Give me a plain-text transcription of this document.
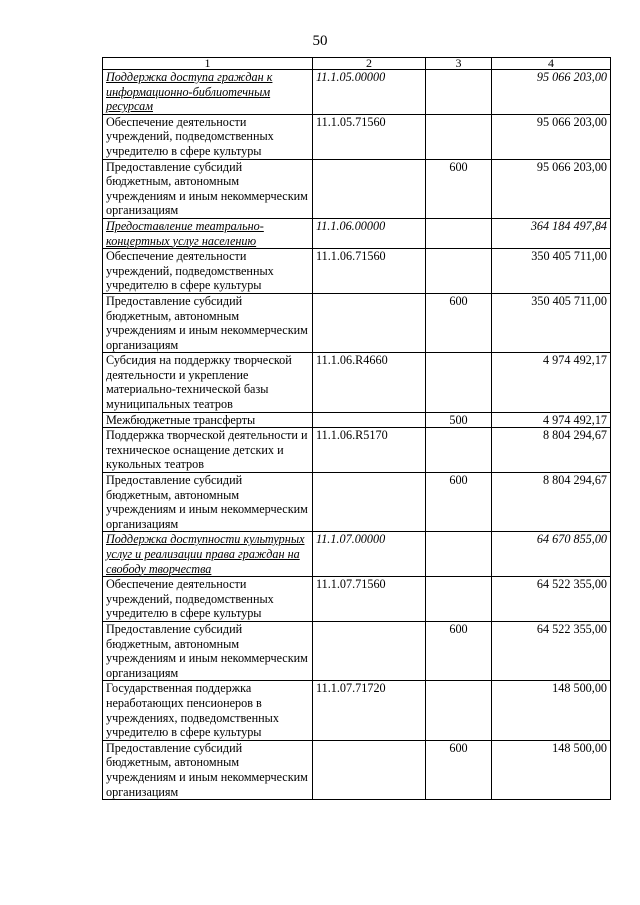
50
1	2	3	4
Поддержка доступа граждан к информационно-библиотечным ресурсам	11.1.05.00000		95 066 203,00
Обеспечение деятельности учреждений, подведомственных учредителю в сфере культуры	11.1.05.71560		95 066 203,00
Предоставление субсидий бюджетным, автономным учреждениям и иным некоммерческим организациям		600	95 066 203,00
Предоставление театрально-концертных услуг населению	11.1.06.00000		364 184 497,84
Обеспечение деятельности учреждений, подведомственных учредителю в сфере культуры	11.1.06.71560		350 405 711,00
Предоставление субсидий бюджетным, автономным учреждениям и иным некоммерческим организациям		600	350 405 711,00
Субсидия на поддержку творческой деятельности и укрепление материально-технической базы муниципальных театров	11.1.06.R4660		4 974 492,17
Межбюджетные трансферты		500	4 974 492,17
Поддержка творческой деятельности и техническое оснащение детских и кукольных театров	11.1.06.R5170		8 804 294,67
Предоставление субсидий бюджетным, автономным учреждениям и иным некоммерческим организациям		600	8 804 294,67
Поддержка доступности культурных услуг и реализации права граждан на свободу творчества	11.1.07.00000		64 670 855,00
Обеспечение деятельности учреждений, подведомственных учредителю в сфере культуры	11.1.07.71560		64 522 355,00
Предоставление субсидий бюджетным, автономным учреждениям и иным некоммерческим организациям		600	64 522 355,00
Государственная поддержка неработающих пенсионеров в учреждениях, подведомственных учредителю в сфере культуры	11.1.07.71720		148 500,00
Предоставление субсидий бюджетным, автономным учреждениям и иным некоммерческим организациям		600	148 500,00
